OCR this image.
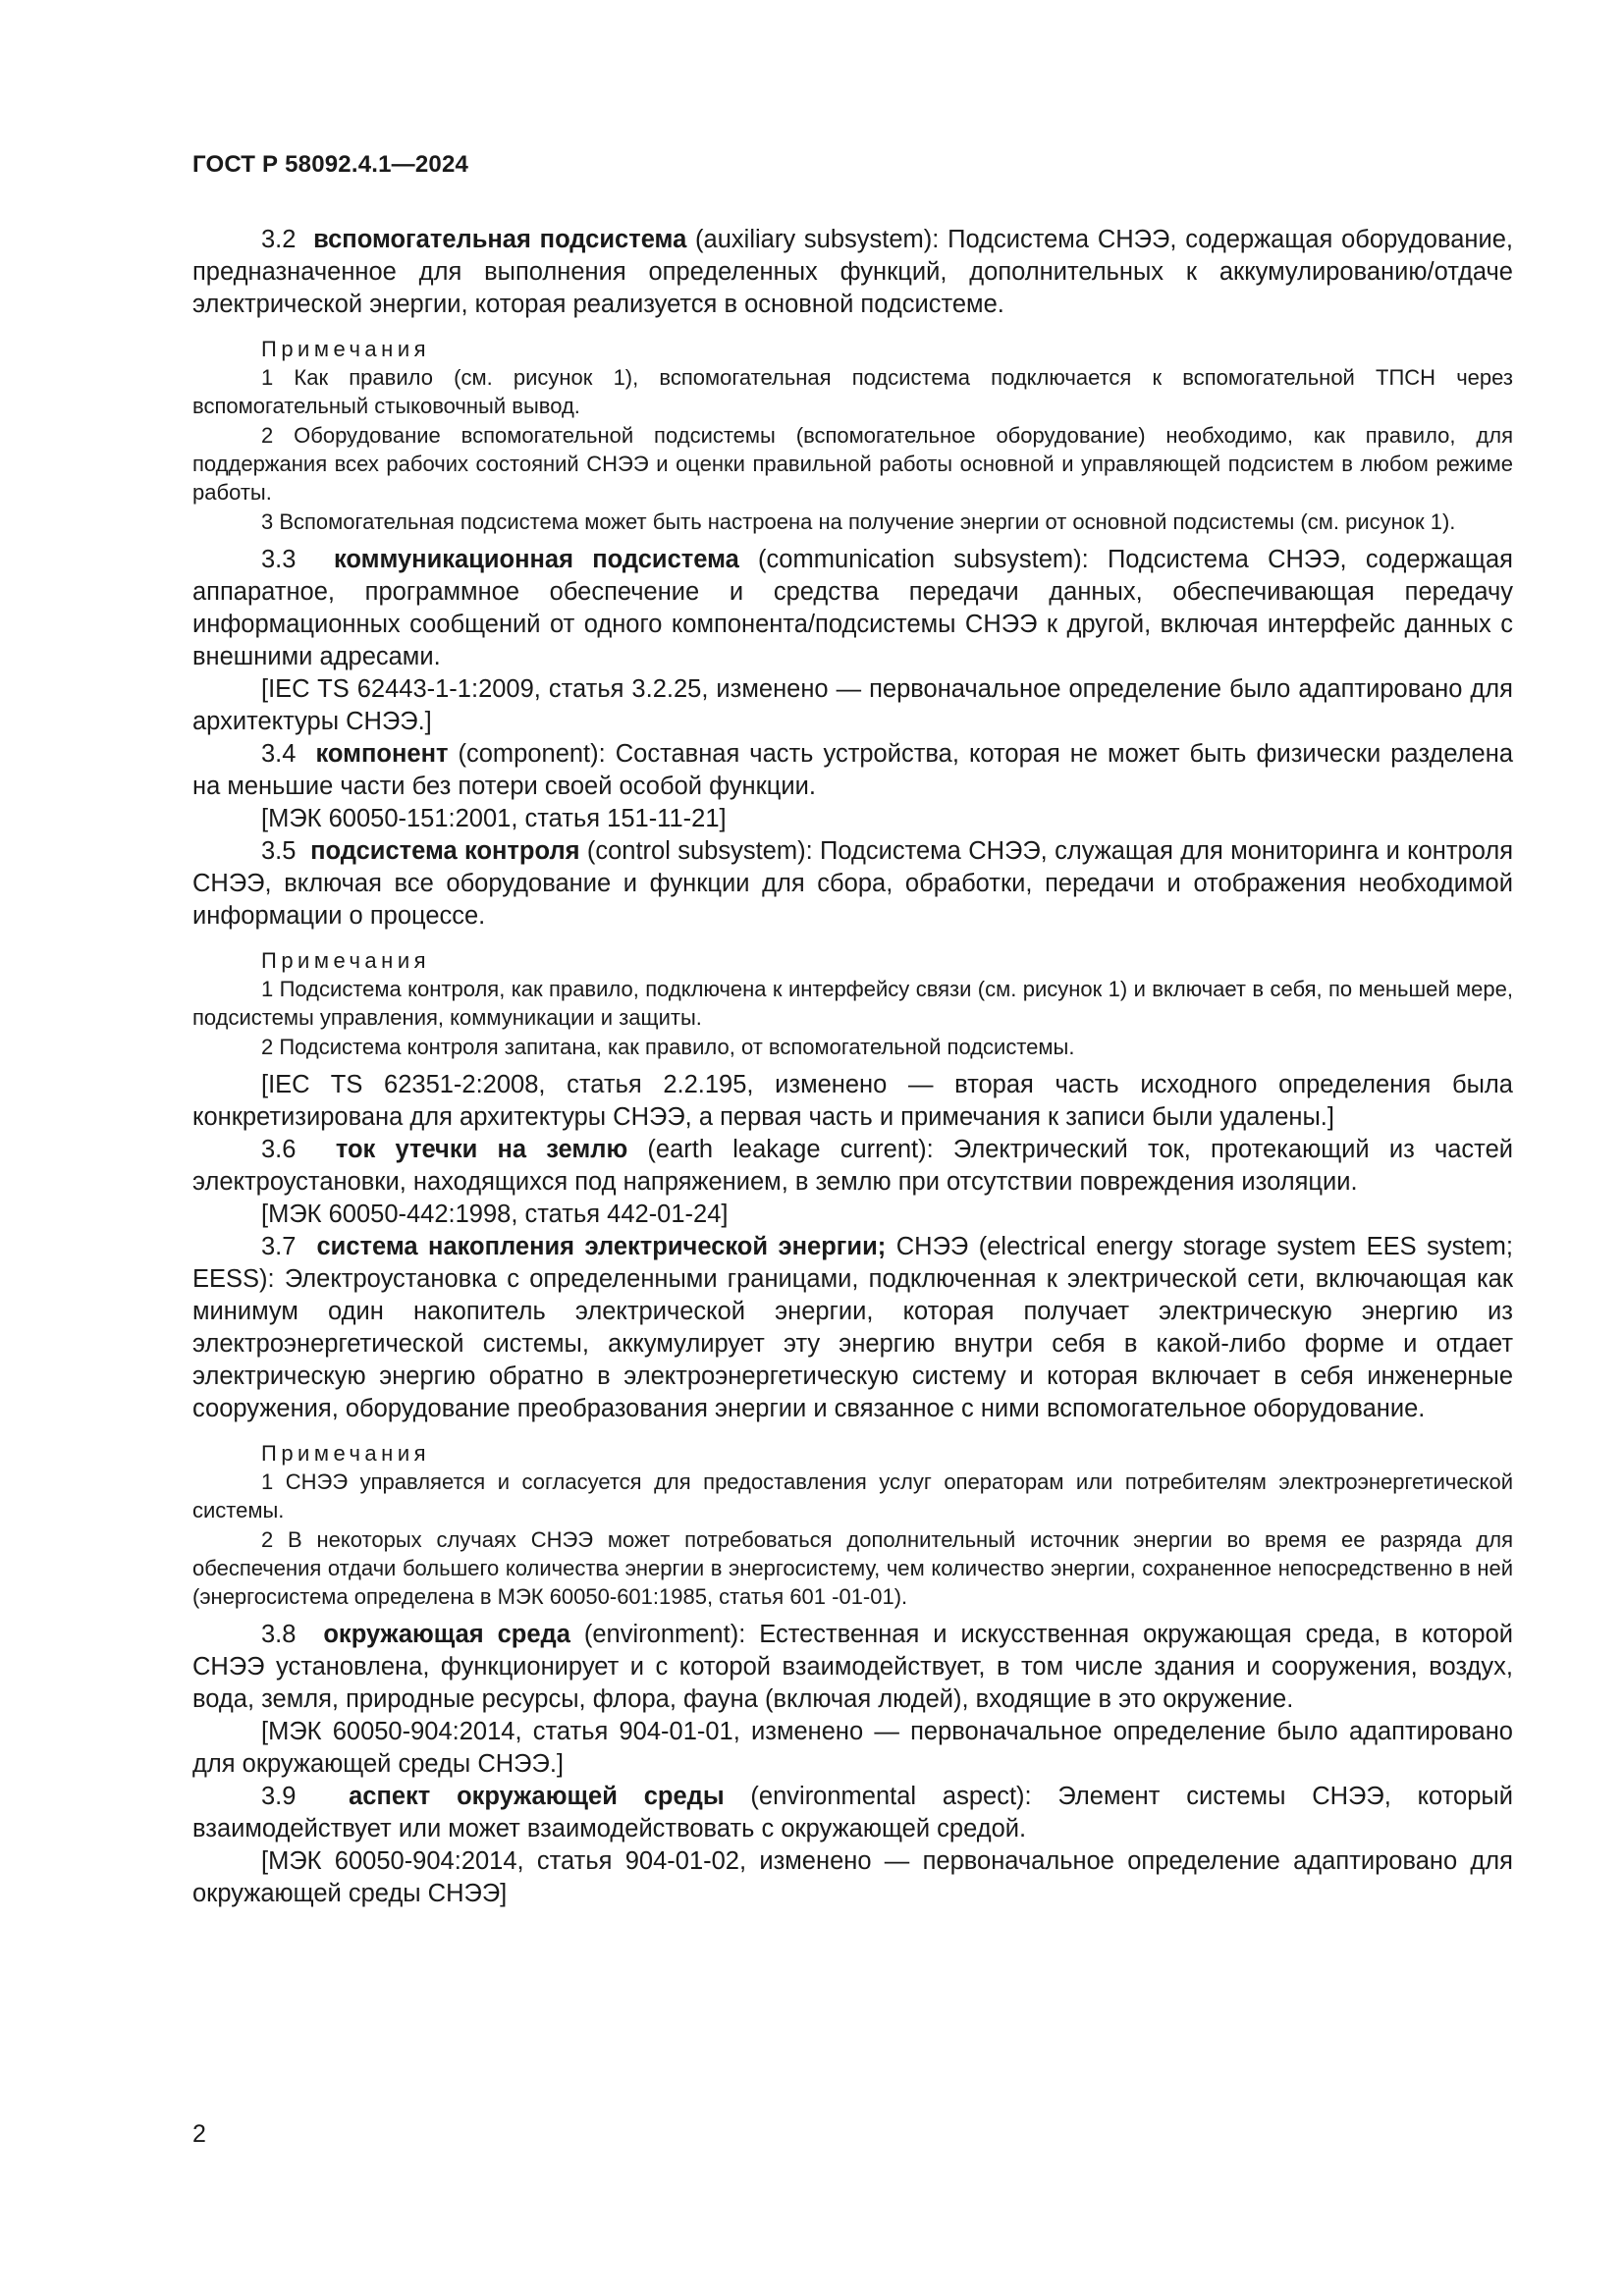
ГОСТ Р 58092.4.1—2024

3.2 вспомогательная подсистема (auxiliary subsystem): Подсистема СНЭЭ, содержащая оборудование, предназначенное для выполнения определенных функций, дополнительных к аккумулированию/отдаче электрической энергии, которая реализуется в основной подсистеме.

Примечания

1 Как правило (см. рисунок 1), вспомогательная подсистема подключается к вспомогательной ТПСН через вспомогательный стыковочный вывод.

2 Оборудование вспомогательной подсистемы (вспомогательное оборудование) необходимо, как правило, для поддержания всех рабочих состояний СНЭЭ и оценки правильной работы основной и управляющей подсистем в любом режиме работы.

3 Вспомогательная подсистема может быть настроена на получение энергии от основной подсистемы (см. рисунок 1).

3.3 коммуникационная подсистема (communication subsystem): Подсистема СНЭЭ, содержащая аппаратное, программное обеспечение и средства передачи данных, обеспечивающая передачу информационных сообщений от одного компонента/подсистемы СНЭЭ к другой, включая интерфейс данных с внешними адресами.

[IEC TS 62443-1-1:2009, статья 3.2.25, изменено — первоначальное определение было адаптировано для архитектуры СНЭЭ.]

3.4 компонент (component): Составная часть устройства, которая не может быть физически разделена на меньшие части без потери своей особой функции.

[МЭК 60050-151:2001, статья 151-11-21]

3.5 подсистема контроля (control subsystem): Подсистема СНЭЭ, служащая для мониторинга и контроля СНЭЭ, включая все оборудование и функции для сбора, обработки, передачи и отображения необходимой информации о процессе.

Примечания

1 Подсистема контроля, как правило, подключена к интерфейсу связи (см. рисунок 1) и включает в себя, по меньшей мере, подсистемы управления, коммуникации и защиты.

2 Подсистема контроля запитана, как правило, от вспомогательной подсистемы.

[IEC TS 62351-2:2008, статья 2.2.195, изменено — вторая часть исходного определения была конкретизирована для архитектуры СНЭЭ, а первая часть и примечания к записи были удалены.]

3.6 ток утечки на землю (earth leakage current): Электрический ток, протекающий из частей электроустановки, находящихся под напряжением, в землю при отсутствии повреждения изоляции.

[МЭК 60050-442:1998, статья 442-01-24]

3.7 система накопления электрической энергии; СНЭЭ (electrical energy storage system EES system; EESS): Электроустановка с определенными границами, подключенная к электрической сети, включающая как минимум один накопитель электрической энергии, которая получает электрическую энергию из электроэнергетической системы, аккумулирует эту энергию внутри себя в какой-либо форме и отдает электрическую энергию обратно в электроэнергетическую систему и которая включает в себя инженерные сооружения, оборудование преобразования энергии и связанное с ними вспомогательное оборудование.

Примечания

1 СНЭЭ управляется и согласуется для предоставления услуг операторам или потребителям электроэнергетической системы.

2 В некоторых случаях СНЭЭ может потребоваться дополнительный источник энергии во время ее разряда для обеспечения отдачи большего количества энергии в энергосистему, чем количество энергии, сохраненное непосредственно в ней (энергосистема определена в МЭК 60050-601:1985, статья 601 -01-01).

3.8 окружающая среда (environment): Естественная и искусственная окружающая среда, в которой СНЭЭ установлена, функционирует и с которой взаимодействует, в том числе здания и сооружения, воздух, вода, земля, природные ресурсы, флора, фауна (включая людей), входящие в это окружение.

[МЭК 60050-904:2014, статья 904-01-01, изменено — первоначальное определение было адаптировано для окружающей среды СНЭЭ.]

3.9 аспект окружающей среды (environmental aspect): Элемент системы СНЭЭ, который взаимодействует или может взаимодействовать с окружающей средой.

[МЭК 60050-904:2014, статья 904-01-02, изменено — первоначальное определение адаптировано для окружающей среды СНЭЭ]

2
